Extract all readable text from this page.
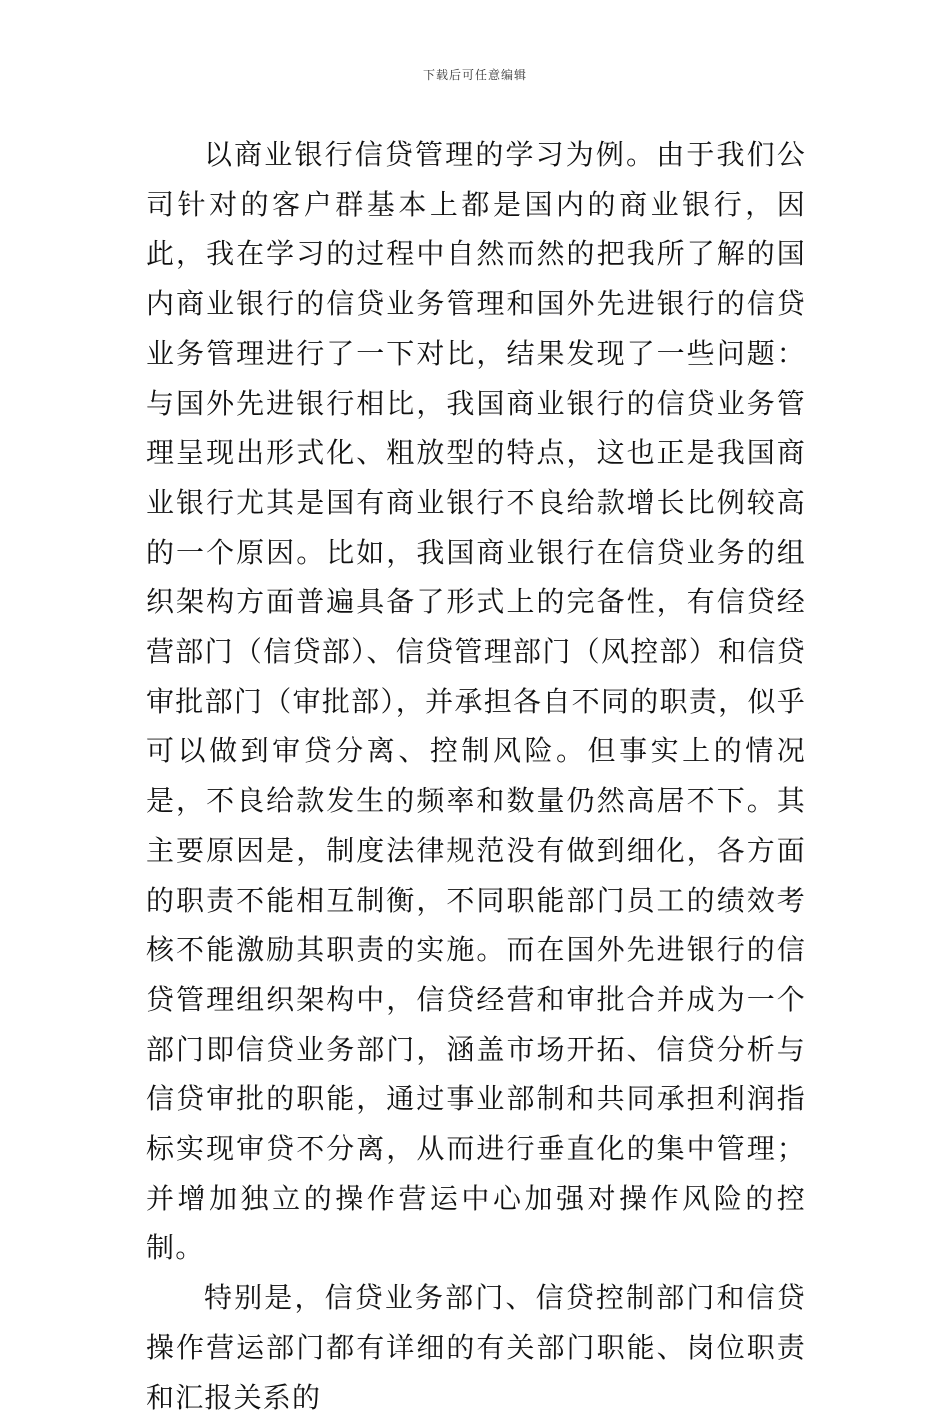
下载后可任意编辑

以商业银行信贷管理的学习为例。由于我们公司针对的客户群基本上都是国内的商业银行，因此，我在学习的过程中自然而然的把我所了解的国内商业银行的信贷业务管理和国外先进银行的信贷业务管理进行了一下对比，结果发现了一些问题：与国外先进银行相比，我国商业银行的信贷业务管理呈现出形式化、粗放型的特点，这也正是我国商业银行尤其是国有商业银行不良给款增长比例较高的一个原因。比如，我国商业银行在信贷业务的组织架构方面普遍具备了形式上的完备性，有信贷经营部门（信贷部）、信贷管理部门（风控部）和信贷审批部门（审批部），并承担各自不同的职责，似乎可以做到审贷分离、控制风险。但事实上的情况是，不良给款发生的频率和数量仍然高居不下。其主要原因是，制度法律规范没有做到细化，各方面的职责不能相互制衡，不同职能部门员工的绩效考核不能激励其职责的实施。而在国外先进银行的信贷管理组织架构中，信贷经营和审批合并成为一个部门即信贷业务部门，涵盖市场开拓、信贷分析与信贷审批的职能，通过事业部制和共同承担利润指标实现审贷不分离，从而进行垂直化的集中管理；并增加独立的操作营运中心加强对操作风险的控制。

特别是，信贷业务部门、信贷控制部门和信贷操作营运部门都有详细的有关部门职能、岗位职责和汇报关系的
